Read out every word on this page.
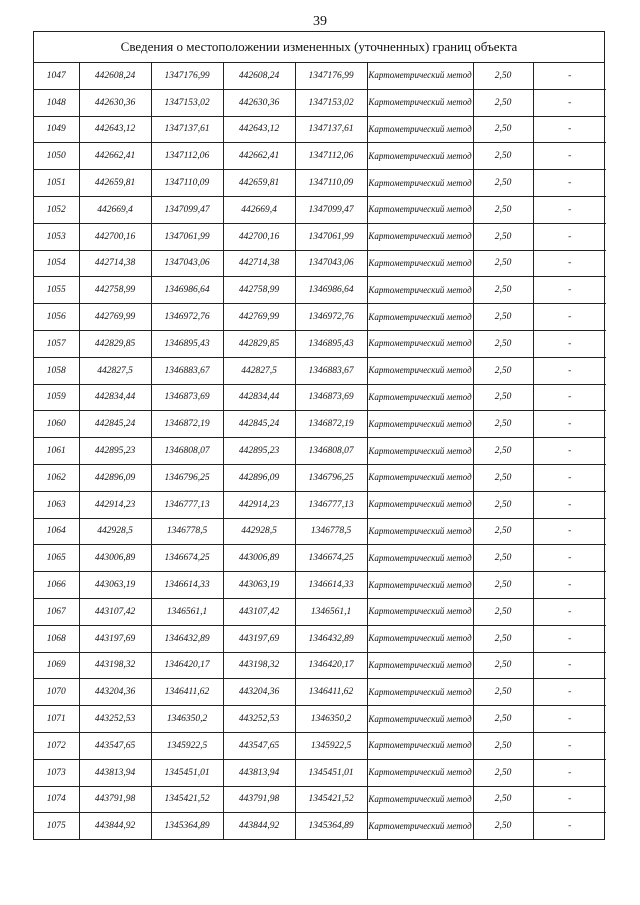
39
Сведения о местоположении измененных (уточненных) границ объекта
1047	442608,24	1347176,99	442608,24	1347176,99	Картометрический метод	2,50	-
1048	442630,36	1347153,02	442630,36	1347153,02	Картометрический метод	2,50	-
1049	442643,12	1347137,61	442643,12	1347137,61	Картометрический метод	2,50	-
1050	442662,41	1347112,06	442662,41	1347112,06	Картометрический метод	2,50	-
1051	442659,81	1347110,09	442659,81	1347110,09	Картометрический метод	2,50	-
1052	442669,4	1347099,47	442669,4	1347099,47	Картометрический метод	2,50	-
1053	442700,16	1347061,99	442700,16	1347061,99	Картометрический метод	2,50	-
1054	442714,38	1347043,06	442714,38	1347043,06	Картометрический метод	2,50	-
1055	442758,99	1346986,64	442758,99	1346986,64	Картометрический метод	2,50	-
1056	442769,99	1346972,76	442769,99	1346972,76	Картометрический метод	2,50	-
1057	442829,85	1346895,43	442829,85	1346895,43	Картометрический метод	2,50	-
1058	442827,5	1346883,67	442827,5	1346883,67	Картометрический метод	2,50	-
1059	442834,44	1346873,69	442834,44	1346873,69	Картометрический метод	2,50	-
1060	442845,24	1346872,19	442845,24	1346872,19	Картометрический метод	2,50	-
1061	442895,23	1346808,07	442895,23	1346808,07	Картометрический метод	2,50	-
1062	442896,09	1346796,25	442896,09	1346796,25	Картометрический метод	2,50	-
1063	442914,23	1346777,13	442914,23	1346777,13	Картометрический метод	2,50	-
1064	442928,5	1346778,5	442928,5	1346778,5	Картометрический метод	2,50	-
1065	443006,89	1346674,25	443006,89	1346674,25	Картометрический метод	2,50	-
1066	443063,19	1346614,33	443063,19	1346614,33	Картометрический метод	2,50	-
1067	443107,42	1346561,1	443107,42	1346561,1	Картометрический метод	2,50	-
1068	443197,69	1346432,89	443197,69	1346432,89	Картометрический метод	2,50	-
1069	443198,32	1346420,17	443198,32	1346420,17	Картометрический метод	2,50	-
1070	443204,36	1346411,62	443204,36	1346411,62	Картометрический метод	2,50	-
1071	443252,53	1346350,2	443252,53	1346350,2	Картометрический метод	2,50	-
1072	443547,65	1345922,5	443547,65	1345922,5	Картометрический метод	2,50	-
1073	443813,94	1345451,01	443813,94	1345451,01	Картометрический метод	2,50	-
1074	443791,98	1345421,52	443791,98	1345421,52	Картометрический метод	2,50	-
1075	443844,92	1345364,89	443844,92	1345364,89	Картометрический метод	2,50	-
